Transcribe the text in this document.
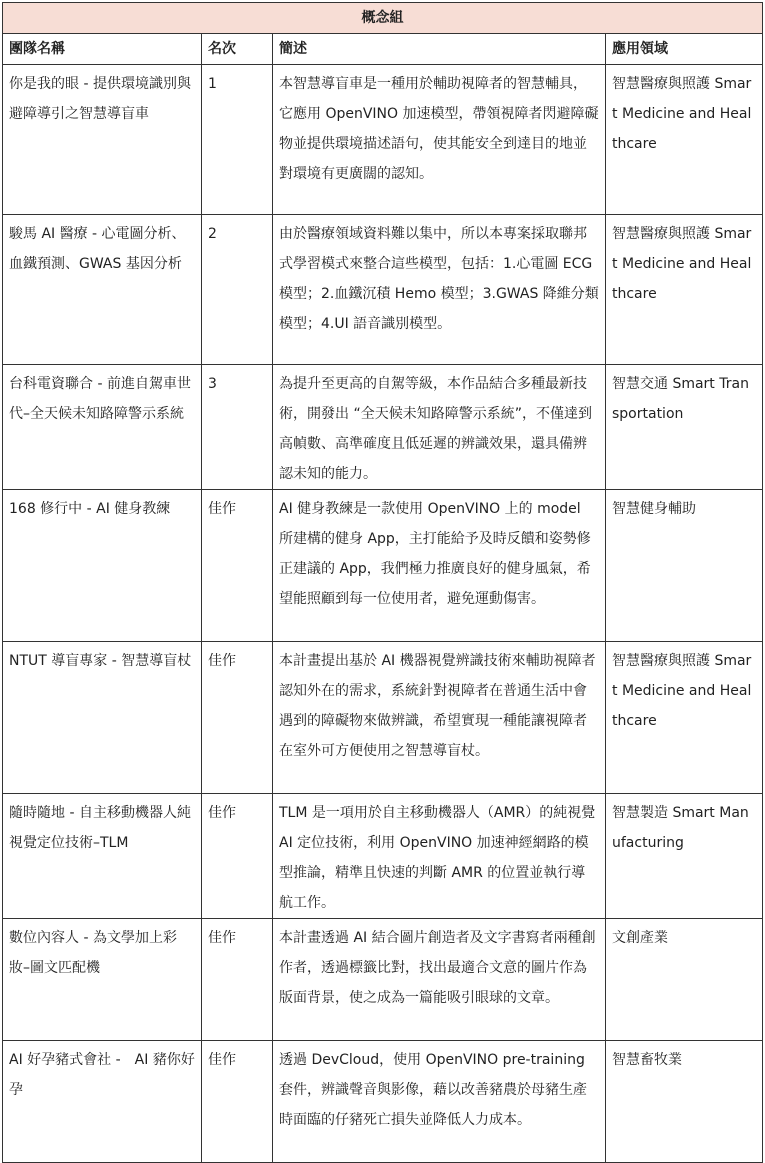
概念組			
團隊名稱	名次	簡述	應用領域
你是我的眼 - 提供環境識別與避障導引之智慧導盲車	1	本智慧導盲車是一種用於輔助視障者的智慧輔具，它應用 OpenVINO 加速模型，帶領視障者閃避障礙物並提供環境描述語句，使其能安全到達目的地並對環境有更廣闊的認知。	智慧醫療與照護 Smart Medicine and Healthcare
駿馬 AI 醫療 - 心電圖分析、血鐵預測、GWAS 基因分析	2	由於醫療領域資料難以集中，所以本專案採取聯邦式學習模式來整合這些模型，包括：1.心電圖 ECG 模型；2.血鐵沉積 Hemo 模型；3.GWAS 降維分類模型；4.UI 語音識別模型。	智慧醫療與照護 Smart Medicine and Healthcare
台科電資聯合 - 前進自駕車世代–全天候未知路障警示系統	3	為提升至更高的自駕等級，本作品結合多種最新技術，開發出 “全天候未知路障警示系統”，不僅達到高幀數、高準確度且低延遲的辨識效果，還具備辨認未知的能力。	智慧交通 Smart Transportation
168 修行中 - AI 健身教練	佳作	AI 健身教練是一款使用 OpenVINO 上的 model 所建構的健身 App，主打能給予及時反饋和姿勢修正建議的 App，我們極力推廣良好的健身風氣，希望能照顧到每一位使用者，避免運動傷害。	智慧健身輔助
NTUT 導盲專家 - 智慧導盲杖	佳作	本計畫提出基於 AI 機器視覺辨識技術來輔助視障者認知外在的需求，系統針對視障者在普通生活中會遇到的障礙物來做辨識，希望實現一種能讓視障者在室外可方便使用之智慧導盲杖。	智慧醫療與照護 Smart Medicine and Healthcare
隨時隨地 - 自主移動機器人純視覺定位技術–TLM	佳作	TLM 是一項用於自主移動機器人（AMR）的純視覺 AI 定位技術，利用 OpenVINO 加速神經網路的模型推論，精準且快速的判斷 AMR 的位置並執行導航工作。	智慧製造 Smart Manufacturing
數位內容人 - 為文學加上彩妝–圖文匹配機	佳作	本計畫透過 AI 結合圖片創造者及文字書寫者兩種創作者，透過標籤比對，找出最適合文意的圖片作為版面背景，使之成為一篇能吸引眼球的文章。	文創產業
AI 好孕豬式會社 -　AI 豬你好孕	佳作	透過 DevCloud，使用 OpenVINO pre-training 套件，辨識聲音與影像，藉以改善豬農於母豬生產時面臨的仔豬死亡損失並降低人力成本。	智慧畜牧業
